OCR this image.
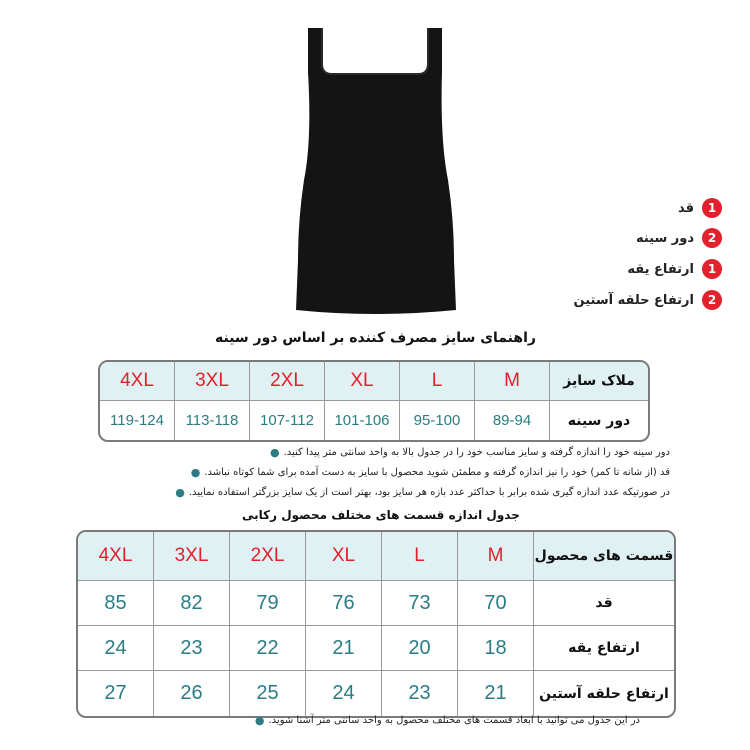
1
قد
2
دور سینه
1
ارتفاع یقه
2
ارتفاع حلقه آستین
راهنمای سایز مصرف کننده بر اساس دور سینه
4XL	3XL	2XL	XL	L	M	ملاک سایز
119-124	113-118	107-112	101-106	95-100	89-94	دور سینه
دور سینه خود را اندازه گرفته و سایز مناسب خود را در جدول بالا به واحد سانتی متر پیدا کنید.
●
قد (از شانه تا کمر) خود را نیز اندازه گرفته و مطمئن شوید محصول با سایز به دست آمده برای شما کوتاه نباشد.
●
در صورتیکه عدد اندازه گیری شده برابر با حداکثر عدد بازه هر سایز بود، بهتر است از یک سایز بزرگتر استفاده نمایید.
●
جدول اندازه قسمت های مختلف محصول رکابی
4XL	3XL	2XL	XL	L	M	قسمت های محصول
85	82	79	76	73	70	قد
24	23	22	21	20	18	ارتفاع یقه
27	26	25	24	23	21	ارتفاع حلقه آستین
در این جدول می توانید با ابعاد قسمت های مختلف محصول به واحد سانتی متر آشنا شوید.
●
